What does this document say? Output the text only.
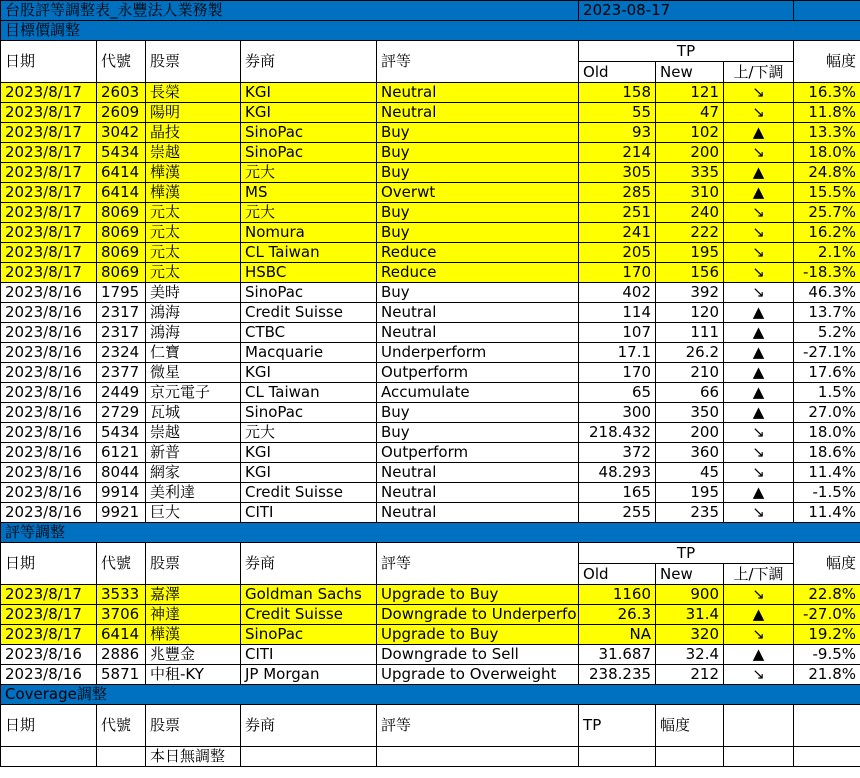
台股評等調整表_永豐法人業務製					2023-08-17			
目標價調整								
日期	代號	股票	券商	評等	TP			幅度
					Old	New	上/下調	
2023/8/17	2603	長榮	KGI	Neutral	158	121	↘	16.3%
2023/8/17	2609	陽明	KGI	Neutral	55	47	↘	11.8%
2023/8/17	3042	晶技	SinoPac	Buy	93	102	▲	13.3%
2023/8/17	5434	崇越	SinoPac	Buy	214	200	↘	18.0%
2023/8/17	6414	樺漢	元大	Buy	305	335	▲	24.8%
2023/8/17	6414	樺漢	MS	Overwt	285	310	▲	15.5%
2023/8/17	8069	元太	元大	Buy	251	240	↘	25.7%
2023/8/17	8069	元太	Nomura	Buy	241	222	↘	16.2%
2023/8/17	8069	元太	CL Taiwan	Reduce	205	195	↘	2.1%
2023/8/17	8069	元太	HSBC	Reduce	170	156	↘	-18.3%
2023/8/16	1795	美時	SinoPac	Buy	402	392	↘	46.3%
2023/8/16	2317	鴻海	Credit Suisse	Neutral	114	120	▲	13.7%
2023/8/16	2317	鴻海	CTBC	Neutral	107	111	▲	5.2%
2023/8/16	2324	仁寶	Macquarie	Underperform	17.1	26.2	▲	-27.1%
2023/8/16	2377	微星	KGI	Outperform	170	210	▲	17.6%
2023/8/16	2449	京元電子	CL Taiwan	Accumulate	65	66	▲	1.5%
2023/8/16	2729	瓦城	SinoPac	Buy	300	350	▲	27.0%
2023/8/16	5434	崇越	元大	Buy	218.432	200	↘	18.0%
2023/8/16	6121	新普	KGI	Outperform	372	360	↘	18.6%
2023/8/16	8044	網家	KGI	Neutral	48.293	45	↘	11.4%
2023/8/16	9914	美利達	Credit Suisse	Neutral	165	195	▲	-1.5%
2023/8/16	9921	巨大	CITI	Neutral	255	235	↘	11.4%
評等調整								
日期	代號	股票	券商	評等	TP			幅度
					Old	New	上/下調	
2023/8/17	3533	嘉澤	Goldman Sachs	Upgrade to Buy	1160	900	↘	22.8%
2023/8/17	3706	神達	Credit Suisse	Downgrade to Underperfo	26.3	31.4	▲	-27.0%
2023/8/17	6414	樺漢	SinoPac	Upgrade to Buy	NA	320	↘	19.2%
2023/8/16	2886	兆豐金	CITI	Downgrade to Sell	31.687	32.4	▲	-9.5%
2023/8/16	5871	中租-KY	JP Morgan	Upgrade to Overweight	238.235	212	↘	21.8%
Coverage調整								
日期	代號	股票	券商	評等	TP	幅度		
		本日無調整						
